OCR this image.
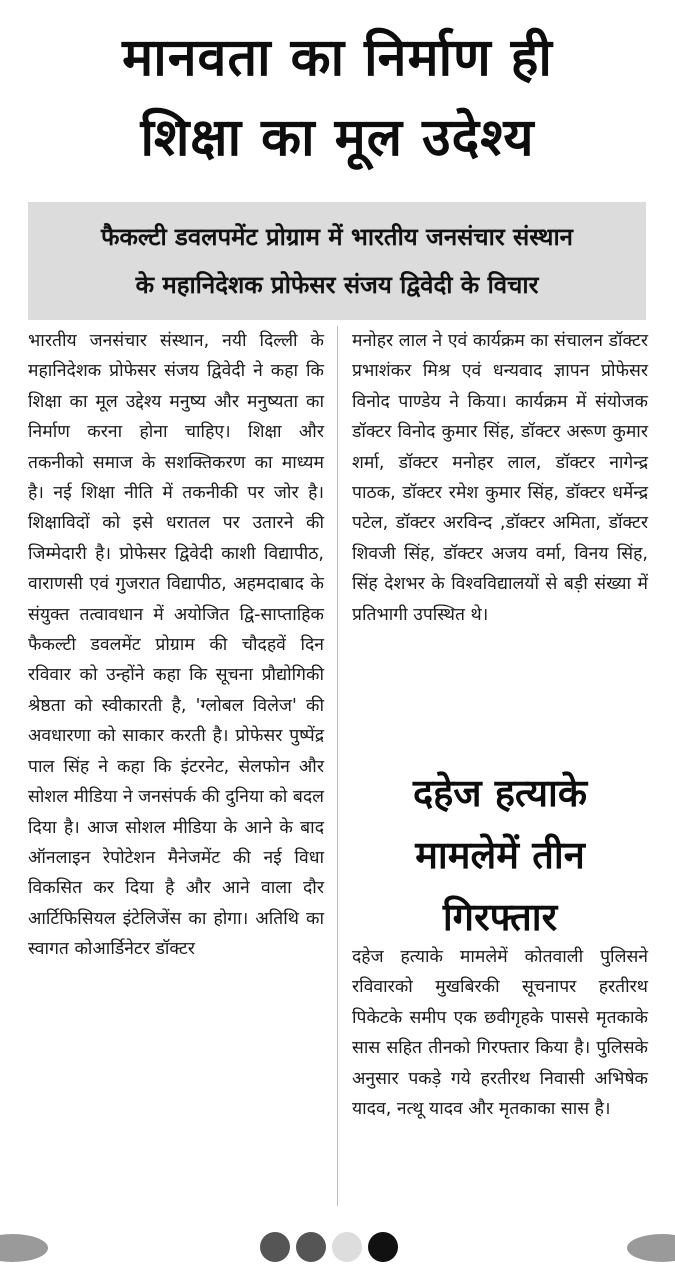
मानवता का निर्माण ही
शिक्षा का मूल उदेश्य
फैकल्टी डवलपमेंट प्रोग्राम में भारतीय जनसंचार संस्थान
के महानिदेशक प्रोफेसर संजय द्विवेदी के विचार

भारतीय जनसंचार संस्थान, नयी दिल्ली के महानिदेशक प्रोफेसर संजय द्विवेदी ने कहा कि शिक्षा का मूल उद्देश्य मनुष्य और मनुष्यता का निर्माण करना होना चाहिए। शिक्षा और तकनीको समाज के सशक्तिकरण का माध्यम है। नई शिक्षा नीति में तकनीकी पर जोर है। शिक्षाविदों को इसे धरातल पर उतारने की जिम्मेदारी है। प्रोफेसर द्विवेदी काशी विद्यापीठ, वाराणसी एवं गुजरात विद्यापीठ, अहमदाबाद के संयुक्त तत्वावधान में अयोजित द्वि-साप्ताहिक फैकल्टी डवलमेंट प्रोग्राम की चौदहवें दिन रविवार को उन्होंने कहा कि सूचना प्रौद्योगिकी श्रेष्ठता को स्वीकारती है, 'ग्लोबल विलेज' की अवधारणा को साकार करती है। प्रोफेसर पुष्पेंद्र पाल सिंह ने कहा कि इंटरनेट, सेलफोन और सोशल मीडिया ने जनसंपर्क की दुनिया को बदल दिया है। आज सोशल मीडिया के आने के बाद ऑनलाइन रेपोटेशन मैनेजमेंट की नई विधा विकसित कर दिया है और आने वाला दौर आर्टिफिसियल इंटेलिजेंस का होगा। अतिथि का स्वागत कोआर्डिनेटर डॉक्टर

मनोहर लाल ने एवं कार्यक्रम का संचालन डॉक्टर प्रभाशंकर मिश्र एवं धन्यवाद ज्ञापन प्रोफेसर विनोद पाण्डेय ने किया। कार्यक्रम में संयोजक डॉक्टर विनोद कुमार सिंह, डॉक्टर अरूण कुमार शर्मा, डॉक्टर मनोहर लाल, डॉक्टर नागेन्द्र पाठक, डॉक्टर रमेश कुमार सिंह, डॉक्टर धर्मेन्द्र पटेल, डॉक्टर अरविन्द ,डॉक्टर अमिता, डॉक्टर शिवजी सिंह, डॉक्टर अजय वर्मा, विनय सिंह, सिंह देशभर के विश्वविद्यालयों से बड़ी संख्या में प्रतिभागी उपस्थित थे।

दहेज हत्याके
मामलेमें तीन
गिरफ्तार

दहेज हत्याके मामलेमें कोतवाली पुलिसने रविवारको मुखबिरकी सूचनापर हरतीरथ पिकेटके समीप एक छवीगृहके पाससे मृतकाके सास सहित तीनको गिरफ्तार किया है। पुलिसके अनुसार पकड़े गये हरतीरथ निवासी अभिषेक यादव, नत्थू यादव और मृतकाका सास है।
